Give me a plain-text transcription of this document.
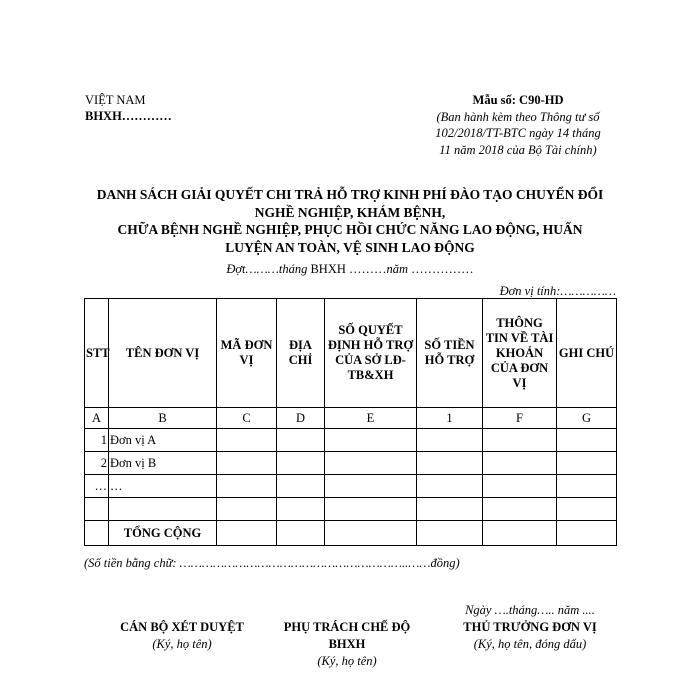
VIỆT NAM
BHXH…………
Mẫu số: C90-HD
(Ban hành kèm theo Thông tư số
102/2018/TT-BTC ngày 14 tháng
11 năm 2018 của Bộ Tài chính)
DANH SÁCH GIẢI QUYẾT CHI TRẢ HỖ TRỢ KINH PHÍ ĐÀO TẠO CHUYỂN ĐỔI
NGHỀ NGHIỆP, KHÁM BỆNH,
CHỮA BỆNH NGHỀ NGHIỆP, PHỤC HỒI CHỨC NĂNG LAO ĐỘNG, HUẤN
LUYỆN AN TOÀN, VỆ SINH LAO ĐỘNG
Đợt………tháng BHXH ………năm ……………
Đơn vị tính:……………
STT	TÊN ĐƠN VỊ	MÃ ĐƠN VỊ	ĐỊA CHỈ	SỐ QUYẾT ĐỊNH HỖ TRỢ CỦA SỞ LĐ-TB&XH	SỐ TIỀN HỖ TRỢ	THÔNG TIN VỀ TÀI KHOẢN CỦA ĐƠN VỊ	GHI CHÚ
A	B	C	D	E	1	F	G
1	Đơn vị A						
2	Đơn vị B						
…	…						

	TỔNG CỘNG						
(Số tiền bằng chữ: ……………………………………………………..……đồng)
Ngày ….tháng….. năm ....
CÁN BỘ XÉT DUYỆT
(Ký, họ tên)
PHỤ TRÁCH CHẾ ĐỘ
BHXH
(Ký, họ tên)
THỦ TRƯỞNG ĐƠN VỊ
(Ký, họ tên, đóng dấu)
